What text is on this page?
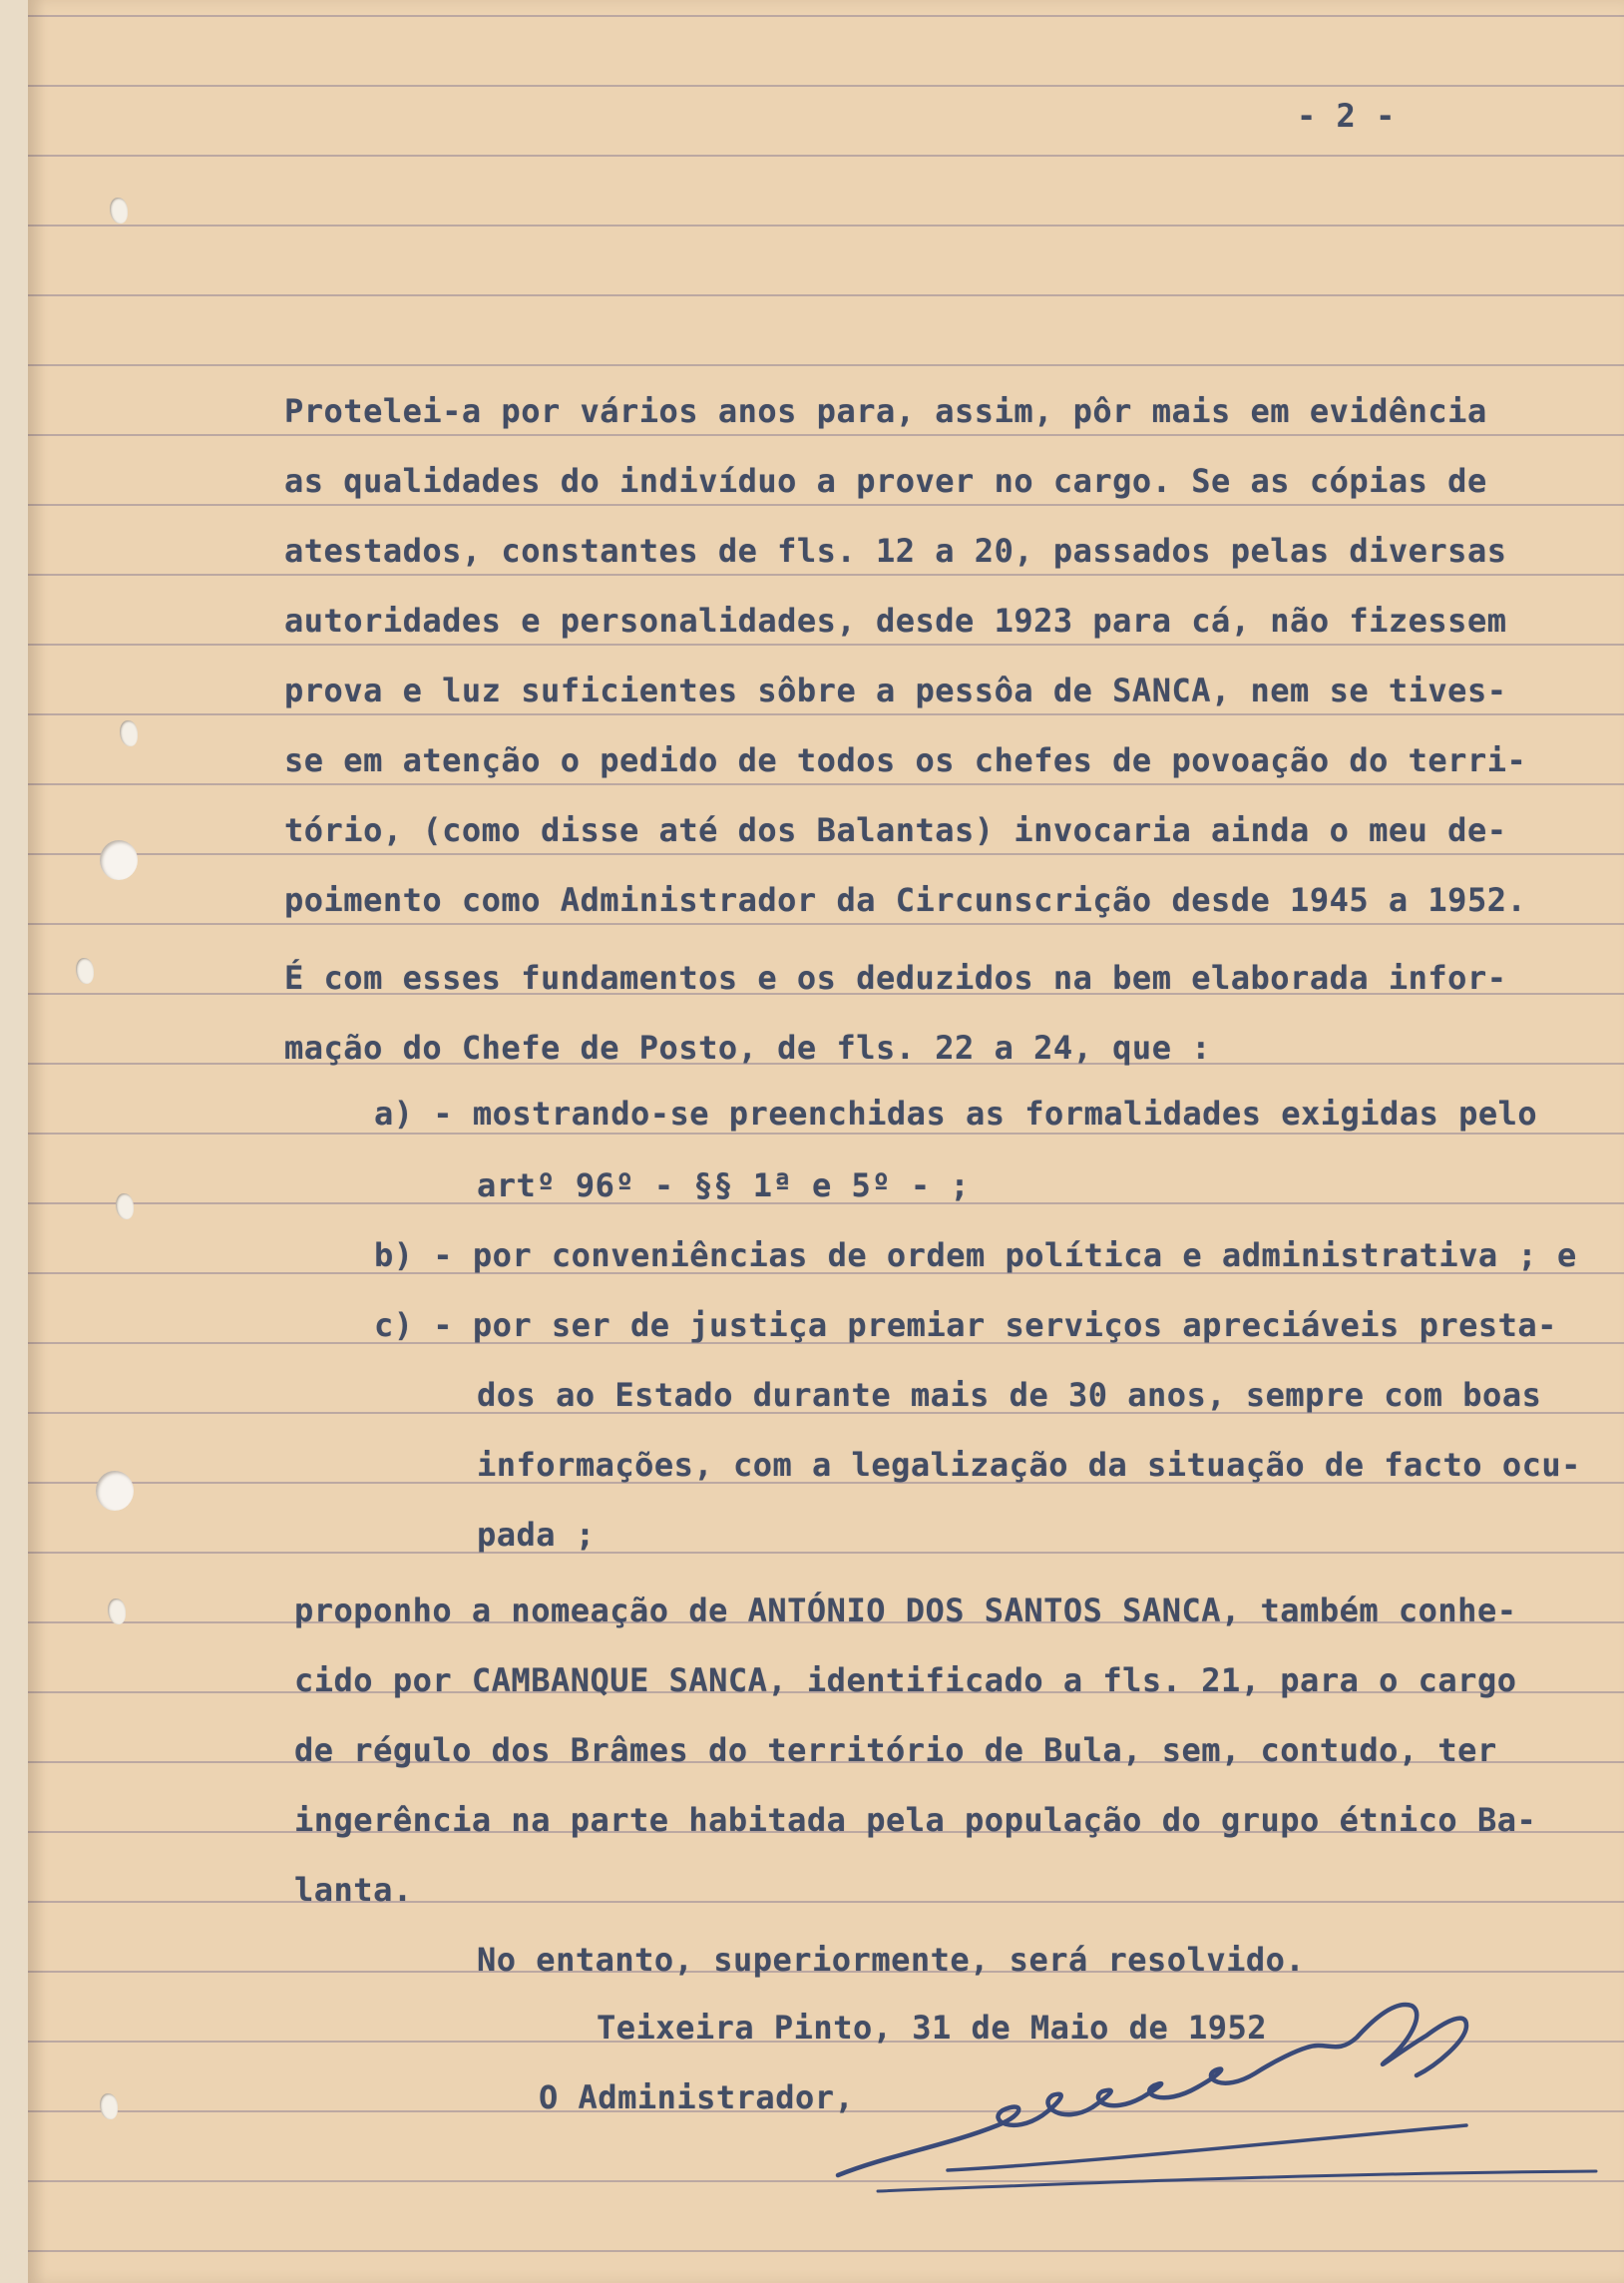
- 2 -
Protelei-a por vários anos para, assim, pôr mais em evidência
as qualidades do indivíduo a prover no cargo. Se as cópias de
atestados, constantes de fls. 12 a 20, passados pelas diversas
autoridades e personalidades, desde 1923 para cá, não fizessem
prova e luz suficientes sôbre a pessôa de SANCA, nem se tives-
se em atenção o pedido de todos os chefes de povoação do terri-
tório, (como disse até dos Balantas) invocaria ainda o meu de-
poimento como Administrador da Circunscrição desde 1945 a 1952.
É com esses fundamentos e os deduzidos na bem elaborada infor-
mação do Chefe de Posto, de fls. 22 a 24, que :
a) - mostrando-se preenchidas as formalidades exigidas pelo
artº 96º - §§ 1ª e 5º - ;
b) - por conveniências de ordem política e administrativa ; e
c) - por ser de justiça premiar serviços apreciáveis presta-
dos ao Estado durante mais de 30 anos, sempre com boas
informações, com a legalização da situação de facto ocu-
pada ;
proponho a nomeação de ANTÓNIO DOS SANTOS SANCA, também conhe-
cido por CAMBANQUE SANCA, identificado a fls. 21, para o cargo
de régulo dos Brâmes do território de Bula, sem, contudo, ter
ingerência na parte habitada pela população do grupo étnico Ba-
lanta.
No entanto, superiormente, será resolvido.
Teixeira Pinto, 31 de Maio de 1952
O Administrador,
